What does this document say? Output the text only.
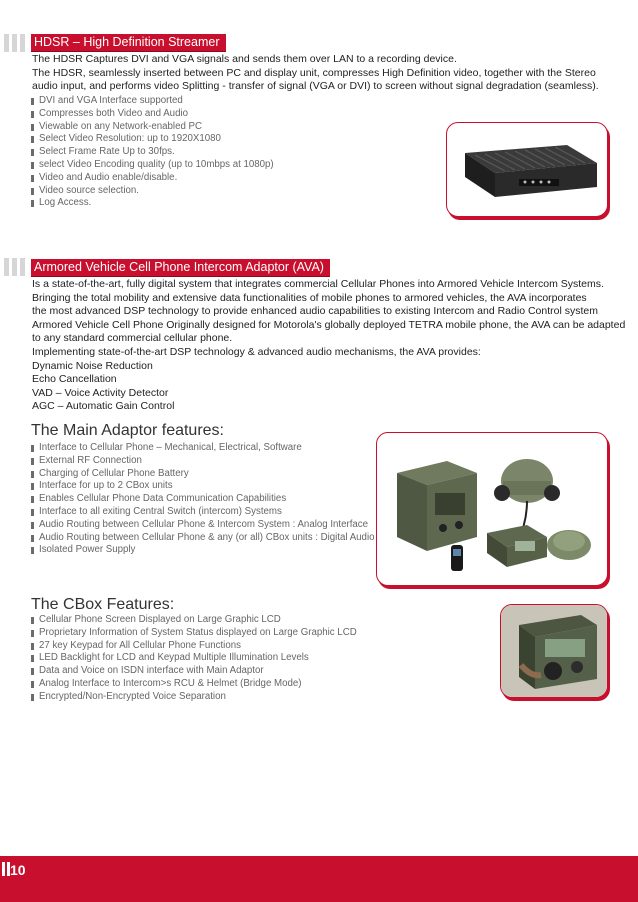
HDSR – High Definition Streamer
The HDSR Captures DVI and VGA signals and sends them over LAN to a recording device.
The HDSR, seamlessly inserted between PC and display unit, compresses High Definition video, together with the Stereo
audio input, and performs video Splitting - transfer of signal (VGA or DVI) to screen without signal degradation (seamless).
DVI and VGA Interface supported
Compresses both Video and Audio
Viewable on any Network-enabled PC
Select Video Resolution: up to 1920X1080
Select Frame Rate Up to 30fps.
select Video Encoding quality (up to 10mbps at 1080p)
Video and Audio enable/disable.
Video source selection.
Log Access.
Armored Vehicle Cell Phone Intercom Adaptor (AVA)
Is a state-of-the-art, fully digital system that integrates commercial Cellular Phones into Armored Vehicle Intercom Systems.
Bringing the total mobility and extensive data functionalities of mobile phones to armored vehicles, the AVA incorporates
the most advanced DSP technology to provide enhanced audio capabilities to existing Intercom and Radio Control system
Armored Vehicle Cell Phone Originally designed for Motorola's globally deployed TETRA mobile phone, the AVA can be adapted
to any standard commercial cellular phone.
Implementing state-of-the-art DSP technology & advanced audio mechanisms, the AVA provides:
Dynamic Noise Reduction
Echo Cancellation
VAD – Voice Activity Detector
AGC – Automatic Gain Control
The Main Adaptor features:
Interface to Cellular Phone – Mechanical, Electrical, Software
External RF Connection
Charging of Cellular Phone Battery
Interface for up to 2 CBox units
Enables Cellular Phone Data Communication Capabilities
Interface to all exiting Central Switch (intercom) Systems
Audio Routing between Cellular Phone & Intercom System : Analog Interface
Audio Routing between Cellular Phone & any (or all) CBox units : Digital Audio
Isolated Power Supply
The CBox Features:
Cellular Phone Screen Displayed on Large Graphic LCD
Proprietary Information of System Status displayed on Large Graphic LCD
27 key Keypad for All Cellular Phone Functions
LED Backlight for LCD and Keypad Multiple Illumination Levels
Data and Voice on ISDN interface with Main Adaptor
Analog Interface to Intercom>s RCU & Helmet (Bridge Mode)
Encrypted/Non-Encrypted Voice Separation
10
